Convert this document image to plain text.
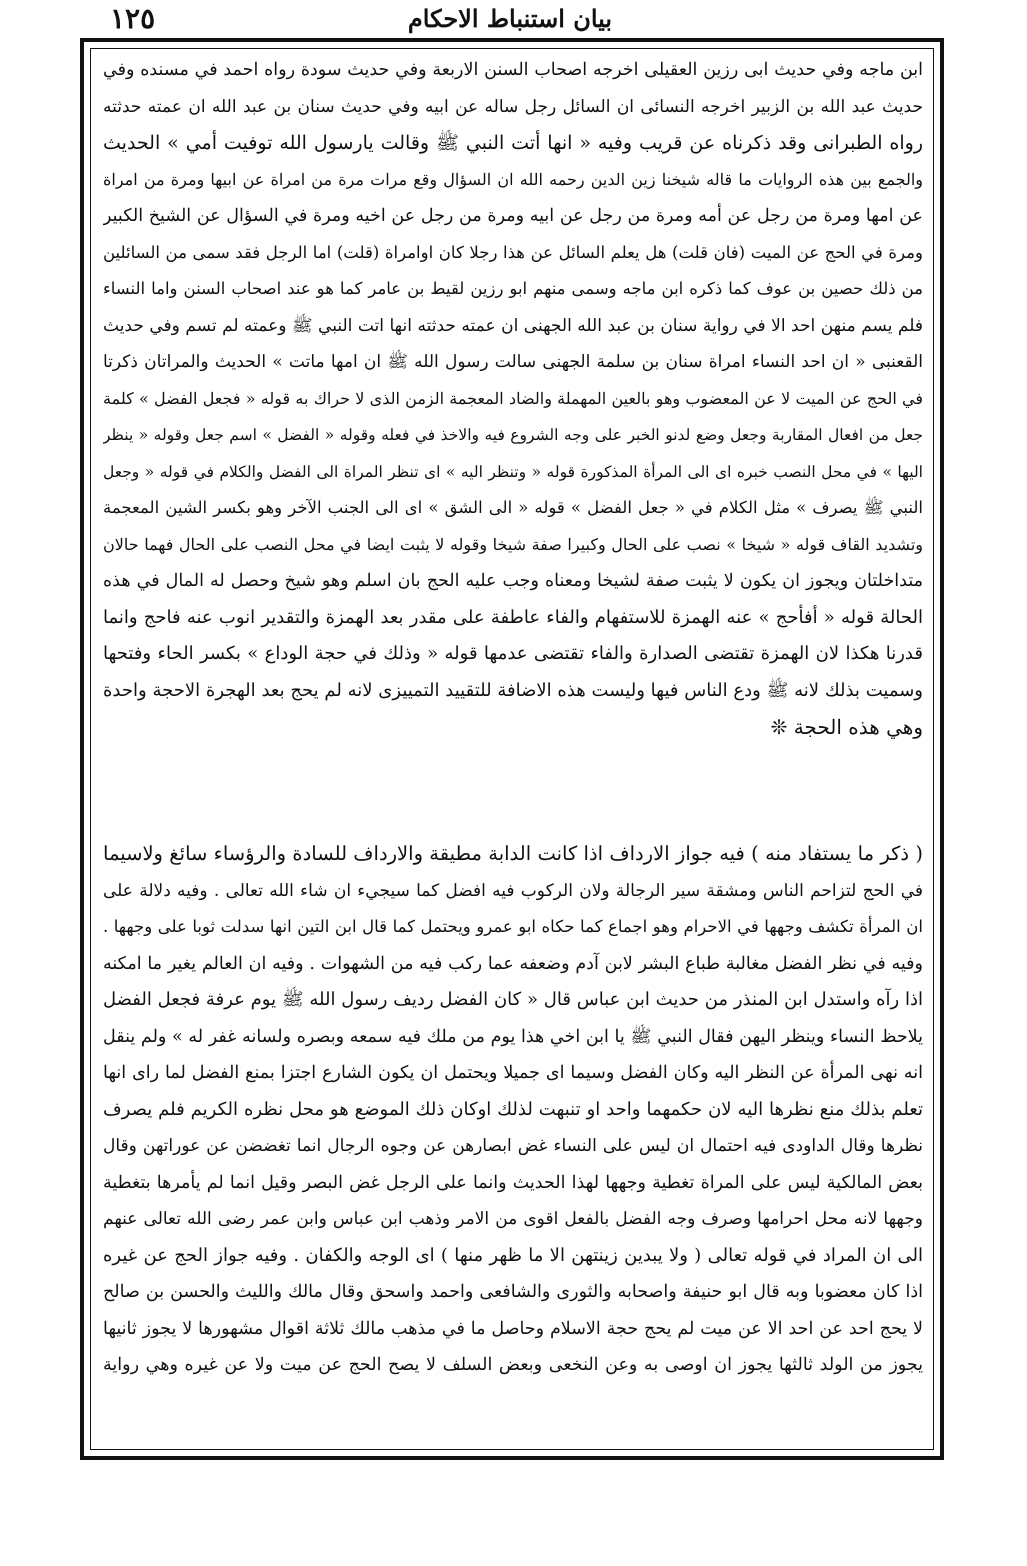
بيان استنباط الاحكام
١٢٥
ابن ماجه وفي حديث ابى رزين العقيلى اخرجه اصحاب السنن الاربعة وفي حديث سودة رواه احمد في مسنده وفي
حديث عبد الله بن الزبير اخرجه النسائى ان السائل رجل ساله عن ابيه وفي حديث سنان بن عبد الله ان عمته حدثته
رواه الطبرانى وقد ذكرناه عن قريب وفيه « انها أتت النبي ﷺ وقالت يارسول الله توفيت أمي » الحديث
والجمع بين هذه الروايات ما قاله شيخنا زين الدين رحمه الله ان السؤال وقع مرات مرة من امراة عن ابيها ومرة من امراة
عن امها ومرة من رجل عن أمه ومرة من رجل عن ابيه ومرة من رجل عن اخيه ومرة في السؤال عن الشيخ الكبير
ومرة في الحج عن الميت (فان قلت) هل يعلم السائل عن هذا رجلا كان اوامراة (قلت) اما الرجل فقد سمى من السائلين
من ذلك حصين بن عوف كما ذكره ابن ماجه وسمى منهم ابو رزين لقيط بن عامر كما هو عند اصحاب السنن واما النساء
فلم يسم منهن احد الا في رواية سنان بن عبد الله الجهنى ان عمته حدثته انها اتت النبي ﷺ وعمته لم تسم وفي حديث
القعنبى « ان احد النساء امراة سنان بن سلمة الجهنى سالت رسول الله ﷺ ان امها ماتت » الحديث والمراتان ذكرتا
في الحج عن الميت لا عن المعضوب وهو بالعين المهملة والضاد المعجمة الزمن الذى لا حراك به قوله « فجعل الفضل » كلمة
جعل من افعال المقاربة وجعل وضع لدنو الخبر على وجه الشروع فيه والاخذ في فعله وقوله « الفضل » اسم جعل وقوله « ينظر
اليها » في محل النصب خبره اى الى المرأة المذكورة قوله « وتنظر اليه » اى تنظر المراة الى الفضل والكلام في قوله « وجعل
النبي ﷺ يصرف » مثل الكلام في « جعل الفضل » قوله « الى الشق » اى الى الجنب الآخر وهو بكسر الشين المعجمة
وتشديد القاف قوله « شيخا » نصب على الحال وكبيرا صفة شيخا وقوله لا يثبت ايضا في محل النصب على الحال فهما حالان
متداخلتان ويجوز ان يكون لا يثبت صفة لشيخا ومعناه وجب عليه الحج بان اسلم وهو شيخ وحصل له المال في هذه
الحالة قوله « أفأحج » عنه الهمزة للاستفهام والفاء عاطفة على مقدر بعد الهمزة والتقدير انوب عنه فاحج وانما
قدرنا هكذا لان الهمزة تقتضى الصدارة والفاء تقتضى عدمها قوله « وذلك في حجة الوداع » بكسر الحاء وفتحها
وسميت بذلك لانه ﷺ ودع الناس فيها وليست هذه الاضافة للتقييد التمييزى لانه لم يحج بعد الهجرة الاحجة واحدة
وهي هذه الحجة ❊
( ذكر ما يستفاد منه ) فيه جواز الارداف اذا كانت الدابة مطيقة والارداف للسادة والرؤساء سائغ ولاسيما
في الحج لتزاحم الناس ومشقة سير الرجالة ولان الركوب فيه افضل كما سيجيء ان شاء الله تعالى . وفيه دلالة على
ان المرأة تكشف وجهها في الاحرام وهو اجماع كما حكاه ابو عمرو ويحتمل كما قال ابن التين انها سدلت ثوبا على وجهها .
وفيه في نظر الفضل مغالبة طباع البشر لابن آدم وضعفه عما ركب فيه من الشهوات . وفيه ان العالم يغير ما امكنه
اذا رآه واستدل ابن المنذر من حديث ابن عباس قال « كان الفضل رديف رسول الله ﷺ يوم عرفة فجعل الفضل
يلاحظ النساء وينظر اليهن فقال النبي ﷺ يا ابن اخي هذا يوم من ملك فيه سمعه وبصره ولسانه غفر له » ولم ينقل
انه نهى المرأة عن النظر اليه وكان الفضل وسيما اى جميلا ويحتمل ان يكون الشارع اجتزا بمنع الفضل لما راى انها
تعلم بذلك منع نظرها اليه لان حكمهما واحد او تنبهت لذلك اوكان ذلك الموضع هو محل نظره الكريم فلم يصرف
نظرها وقال الداودى فيه احتمال ان ليس على النساء غض ابصارهن عن وجوه الرجال انما تغضضن عن عوراتهن وقال
بعض المالكية ليس على المراة تغطية وجهها لهذا الحديث وانما على الرجل غض البصر وقيل انما لم يأمرها بتغطية
وجهها لانه محل احرامها وصرف وجه الفضل بالفعل اقوى من الامر وذهب ابن عباس وابن عمر رضى الله تعالى عنهم
الى ان المراد في قوله تعالى ( ولا يبدين زينتهن الا ما ظهر منها ) اى الوجه والكفان . وفيه جواز الحج عن غيره
اذا كان معضوبا وبه قال ابو حنيفة واصحابه والثورى والشافعى واحمد واسحق وقال مالك والليث والحسن بن صالح
لا يحج احد عن احد الا عن ميت لم يحج حجة الاسلام وحاصل ما في مذهب مالك ثلاثة اقوال مشهورها لا يجوز ثانيها
يجوز من الولد ثالثها يجوز ان اوصى به وعن النخعى وبعض السلف لا يصح الحج عن ميت ولا عن غيره وهي رواية
